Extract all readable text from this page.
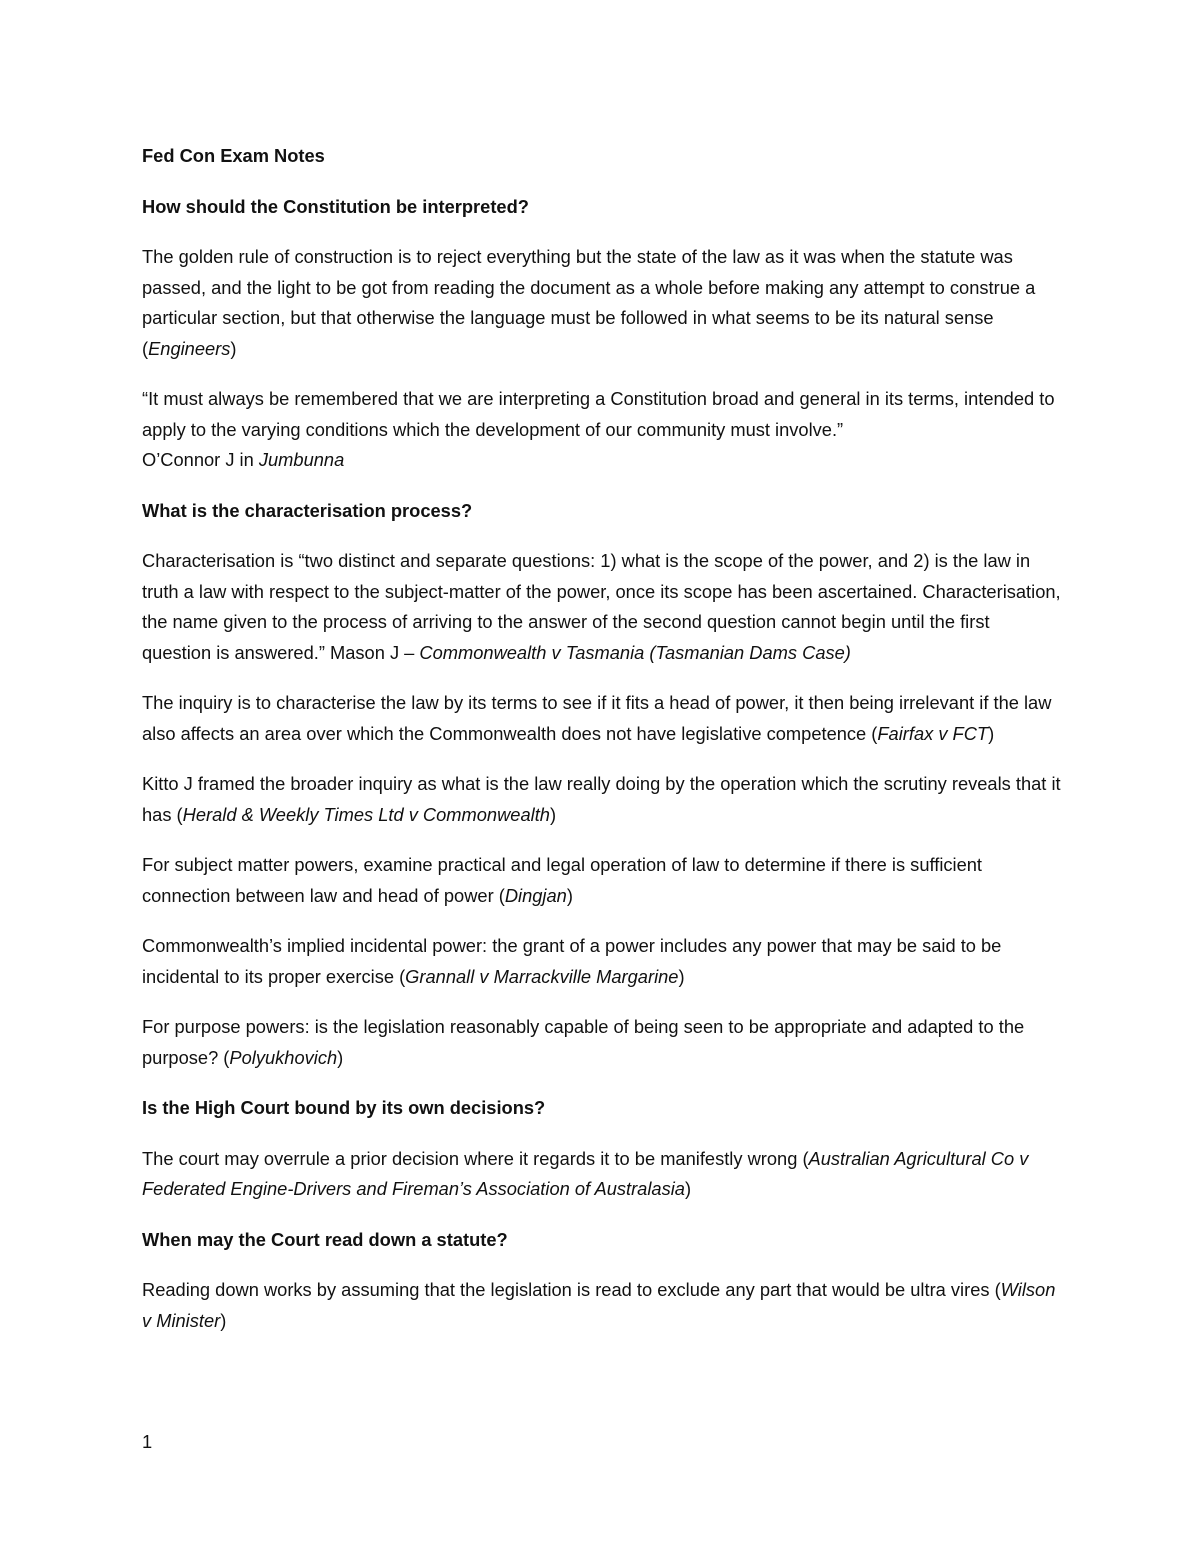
Fed Con Exam Notes

How should the Constitution be interpreted?

The golden rule of construction is to reject everything but the state of the law as it was when the statute was passed, and the light to be got from reading the document as a whole before making any attempt to construe a particular section, but that otherwise the language must be followed in what seems to be its natural sense (Engineers)

“It must always be remembered that we are interpreting a Constitution broad and general in its terms, intended to apply to the varying conditions which the development of our community must involve.”

O’Connor J in Jumbunna

What is the characterisation process?

Characterisation is “two distinct and separate questions: 1) what is the scope of the power, and 2) is the law in truth a law with respect to the subject-matter of the power, once its scope has been ascertained. Characterisation, the name given to the process of arriving to the answer of the second question cannot begin until the first question is answered.” Mason J – Commonwealth v Tasmania (Tasmanian Dams Case)

The inquiry is to characterise the law by its terms to see if it fits a head of power, it then being irrelevant if the law also affects an area over which the Commonwealth does not have legislative competence (Fairfax v FCT)

Kitto J framed the broader inquiry as what is the law really doing by the operation which the scrutiny reveals that it has (Herald & Weekly Times Ltd v Commonwealth)

For subject matter powers, examine practical and legal operation of law to determine if there is sufficient connection between law and head of power (Dingjan)

Commonwealth’s implied incidental power: the grant of a power includes any power that may be said to be incidental to its proper exercise (Grannall v Marrackville Margarine)

For purpose powers: is the legislation reasonably capable of being seen to be appropriate and adapted to the purpose? (Polyukhovich)

Is the High Court bound by its own decisions?

The court may overrule a prior decision where it regards it to be manifestly wrong (Australian Agricultural Co v Federated Engine-Drivers and Fireman’s Association of Australasia)

When may the Court read down a statute?

Reading down works by assuming that the legislation is read to exclude any part that would be ultra vires (Wilson v Minister)

1
